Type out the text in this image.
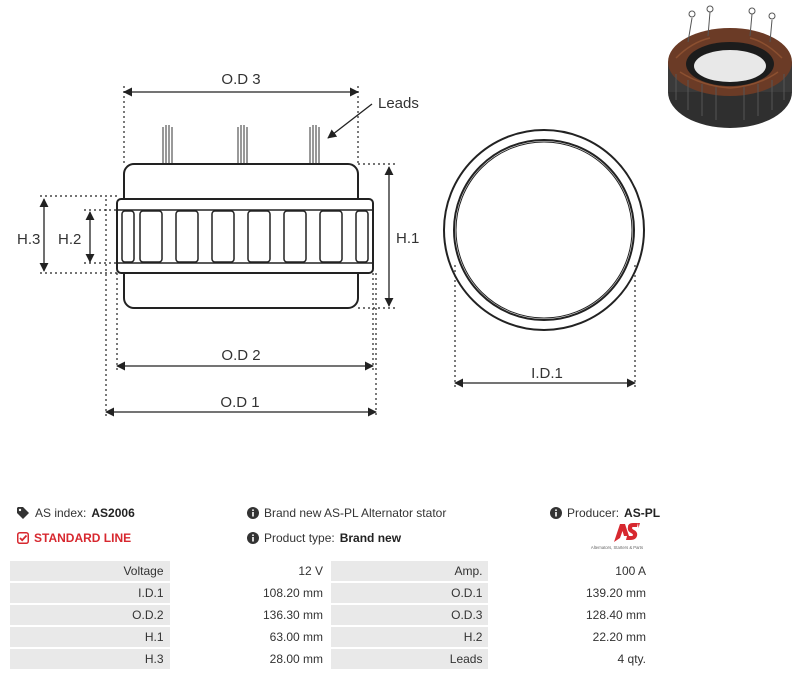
O.D 3
Leads
H.3 H.2	H.1
O.D 2
O.D 1
I.D.1
AS index: AS2006
STANDARD LINE
Brand new AS-PL Alternator stator
Product type: Brand new
Producer: AS-PL
Alternators, Starters & Parts
Voltage	12 V	Amp.	100 A
I.D.1	108.20 mm	O.D.1	139.20 mm
O.D.2	136.30 mm	O.D.3	128.40 mm
H.1	63.00 mm	H.2	22.20 mm
H.3	28.00 mm	Leads	4 qty.
